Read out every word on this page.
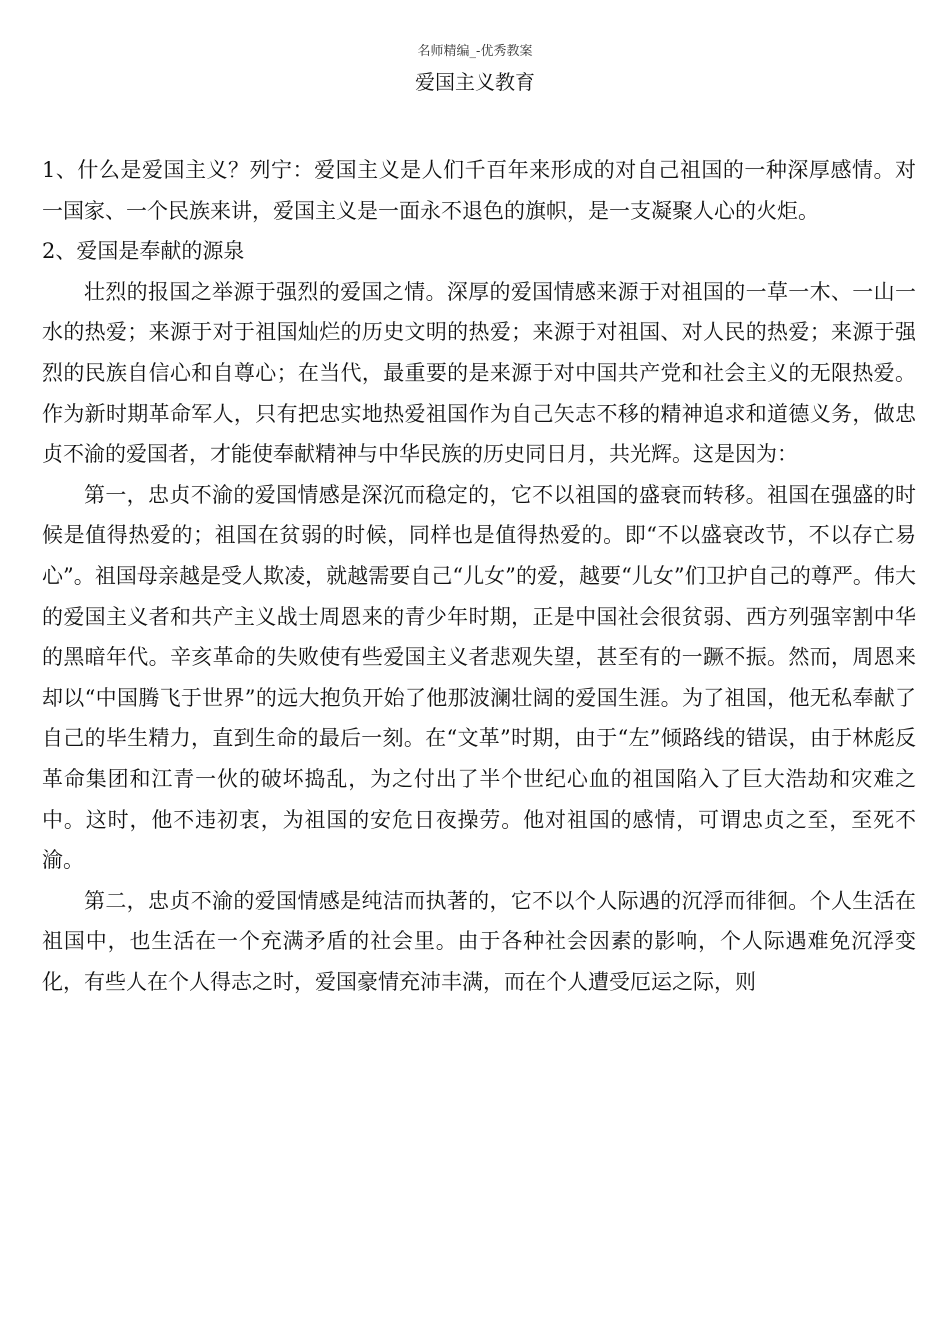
名师精编_-优秀教案
爱国主义教育

1、什么是爱国主义？列宁：爱国主义是人们千百年来形成的对自己祖国的一种深厚感情。对一国家、一个民族来讲，爱国主义是一面永不退色的旗帜，是一支凝聚人心的火炬。

2、爱国是奉献的源泉

壮烈的报国之举源于强烈的爱国之情。深厚的爱国情感来源于对祖国的一草一木、一山一水的热爱；来源于对于祖国灿烂的历史文明的热爱；来源于对祖国、对人民的热爱；来源于强烈的民族自信心和自尊心；在当代，最重要的是来源于对中国共产党和社会主义的无限热爱。作为新时期革命军人，只有把忠实地热爱祖国作为自己矢志不移的精神追求和道德义务，做忠贞不渝的爱国者，才能使奉献精神与中华民族的历史同日月，共光辉。这是因为：

第一，忠贞不渝的爱国情感是深沉而稳定的，它不以祖国的盛衰而转移。祖国在强盛的时候是值得热爱的；祖国在贫弱的时候，同样也是值得热爱的。即“不以盛衰改节，不以存亡易心”。祖国母亲越是受人欺凌，就越需要自己“儿女”的爱，越要“儿女”们卫护自己的尊严。伟大的爱国主义者和共产主义战士周恩来的青少年时期，正是中国社会很贫弱、西方列强宰割中华的黑暗年代。辛亥革命的失败使有些爱国主义者悲观失望，甚至有的一蹶不振。然而，周恩来却以“中国腾飞于世界”的远大抱负开始了他那波澜壮阔的爱国生涯。为了祖国，他无私奉献了自己的毕生精力，直到生命的最后一刻。在“文革”时期，由于“左”倾路线的错误，由于林彪反革命集团和江青一伙的破坏捣乱，为之付出了半个世纪心血的祖国陷入了巨大浩劫和灾难之中。这时，他不违初衷，为祖国的安危日夜操劳。他对祖国的感情，可谓忠贞之至，至死不渝。

第二，忠贞不渝的爱国情感是纯洁而执著的，它不以个人际遇的沉浮而徘徊。个人生活在祖国中，也生活在一个充满矛盾的社会里。由于各种社会因素的影响，个人际遇难免沉浮变化，有些人在个人得志之时，爱国豪情充沛丰满，而在个人遭受厄运之际，则
